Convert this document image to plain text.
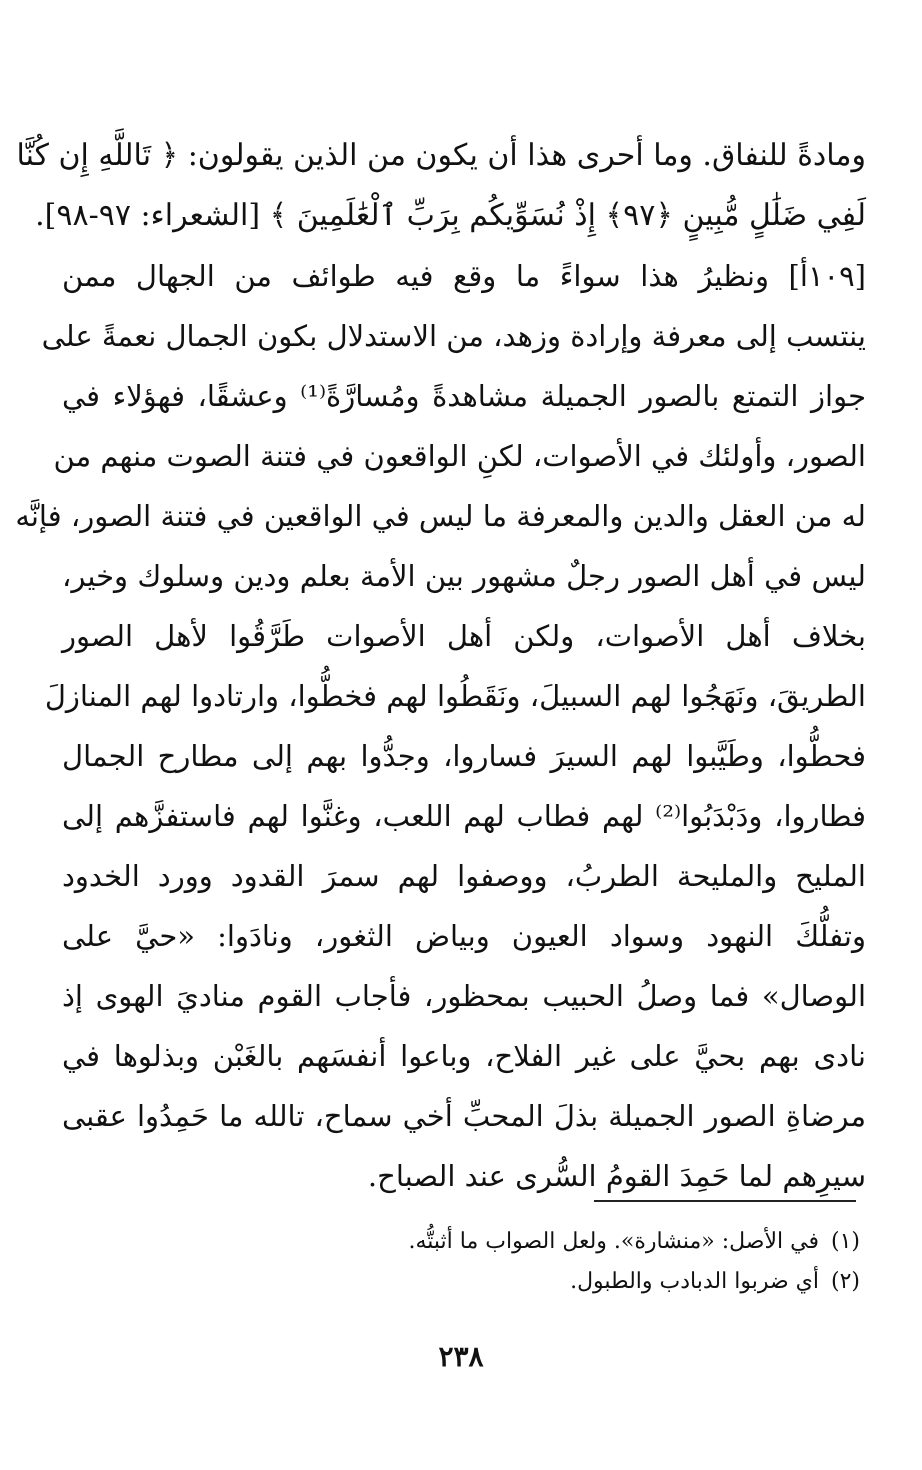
ومادةً للنفاق. وما أحرى هذا أن يكون من الذين يقولون: ﴿ تَاللَّهِ إِن كُنَّا
لَفِي ضَلَٰلٍ مُّبِينٍ ﴿٩٧﴾ إِذْ نُسَوِّيكُم بِرَبِّ ٱلْعَٰلَمِينَ ﴾ [الشعراء: ٩٧-٩٨].
[١٠٩أ] ونظيرُ هذا سواءً ما وقع فيه طوائف من الجهال ممن
ينتسب إلى معرفة وإرادة وزهد، من الاستدلال بكون الجمال نعمةً على
جواز التمتع بالصور الجميلة مشاهدةً ومُسارَّةً⁽¹⁾ وعشقًا، فهؤلاء في
الصور، وأولئك في الأصوات، لكنِ الواقعون في فتنة الصوت منهم من
له من العقل والدين والمعرفة ما ليس في الواقعين في فتنة الصور، فإنَّه
ليس في أهل الصور رجلٌ مشهور بين الأمة بعلم ودين وسلوك وخير،
بخلاف أهل الأصوات، ولكن أهل الأصوات طَرَّقُوا لأهل الصور
الطريقَ، ونَهَجُوا لهم السبيلَ، ونَقَطُوا لهم فخطُّوا، وارتادوا لهم المنازلَ
فحطُّوا، وطَيَّبوا لهم السيرَ فساروا، وجدُّوا بهم إلى مطارح الجمال
فطاروا، ودَبْدَبُوا⁽²⁾ لهم فطاب لهم اللعب، وغنَّوا لهم فاستفزَّهم إلى
المليح والمليحة الطربُ، ووصفوا لهم سمرَ القدود وورد الخدود
وتفلُّكَ النهود وسواد العيون وبياض الثغور، ونادَوا: «حيَّ على
الوصال» فما وصلُ الحبيب بمحظور، فأجاب القوم مناديَ الهوى إذ
نادى بهم بحيَّ على غير الفلاح، وباعوا أنفسَهم بالغَبْن وبذلوها في
مرضاةِ الصور الجميلة بذلَ المحبِّ أخي سماح، تالله ما حَمِدُوا عقبى
سيرِهم لما حَمِدَ القومُ السُّرى عند الصباح.
(١)في الأصل: «منشارة». ولعل الصواب ما أثبتُّه.
(٢)أي ضربوا الدبادب والطبول.
٢٣٨
